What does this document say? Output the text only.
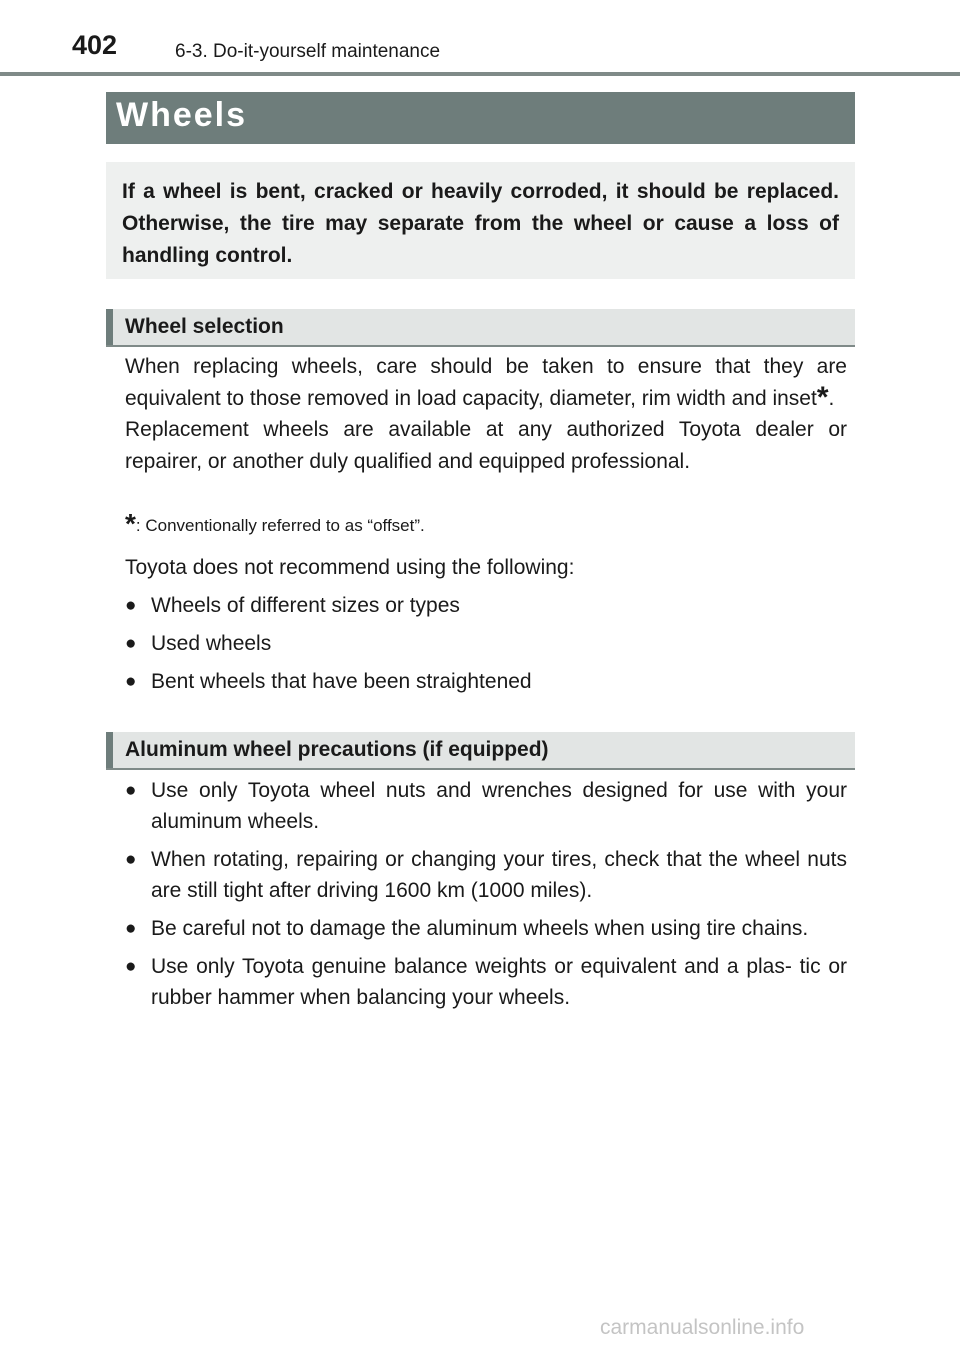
402	6-3. Do-it-yourself maintenance
Wheels

If a wheel is bent, cracked or heavily corroded, it should be replaced. Otherwise, the tire may separate from the wheel or cause a loss of handling control.

Wheel selection

When replacing wheels, care should be taken to ensure that they are equivalent to those removed in load capacity, diameter, rim width and inset*.
Replacement wheels are available at any authorized Toyota dealer or repairer, or another duly qualified and equipped professional.

*: Conventionally referred to as “offset”.

Toyota does not recommend using the following:

● Wheels of different sizes or types
● Used wheels
● Bent wheels that have been straightened
Aluminum wheel precautions (if equipped)
● Use only Toyota wheel nuts and wrenches designed for use with your aluminum wheels.
● When rotating, repairing or changing your tires, check that the wheel nuts are still tight after driving 1600 km (1000 miles).
● Be careful not to damage the aluminum wheels when using tire chains.
● Use only Toyota genuine balance weights or equivalent and a plas- tic or rubber hammer when balancing your wheels.
carmanualsonline.info
